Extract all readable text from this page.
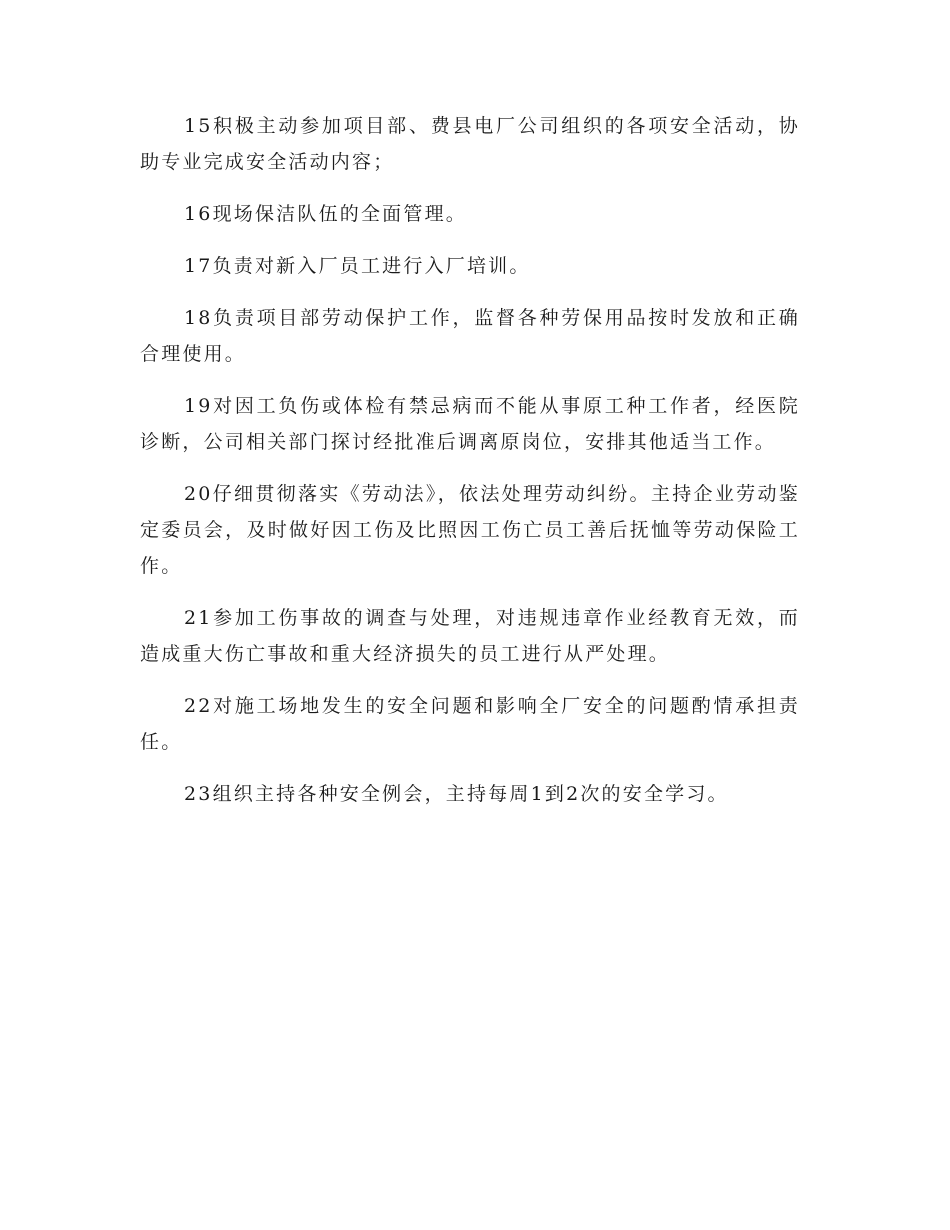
15积极主动参加项目部、费县电厂公司组织的各项安全活动，协助专业完成安全活动内容；

16现场保洁队伍的全面管理。

17负责对新入厂员工进行入厂培训。

18负责项目部劳动保护工作，监督各种劳保用品按时发放和正确合理使用。

19对因工负伤或体检有禁忌病而不能从事原工种工作者，经医院诊断，公司相关部门探讨经批准后调离原岗位，安排其他适当工作。

20仔细贯彻落实《劳动法》，依法处理劳动纠纷。主持企业劳动鉴定委员会，及时做好因工伤及比照因工伤亡员工善后抚恤等劳动保险工作。

21参加工伤事故的调查与处理，对违规违章作业经教育无效，而造成重大伤亡事故和重大经济损失的员工进行从严处理。

22对施工场地发生的安全问题和影响全厂安全的问题酌情承担责任。

23组织主持各种安全例会，主持每周1到2次的安全学习。
